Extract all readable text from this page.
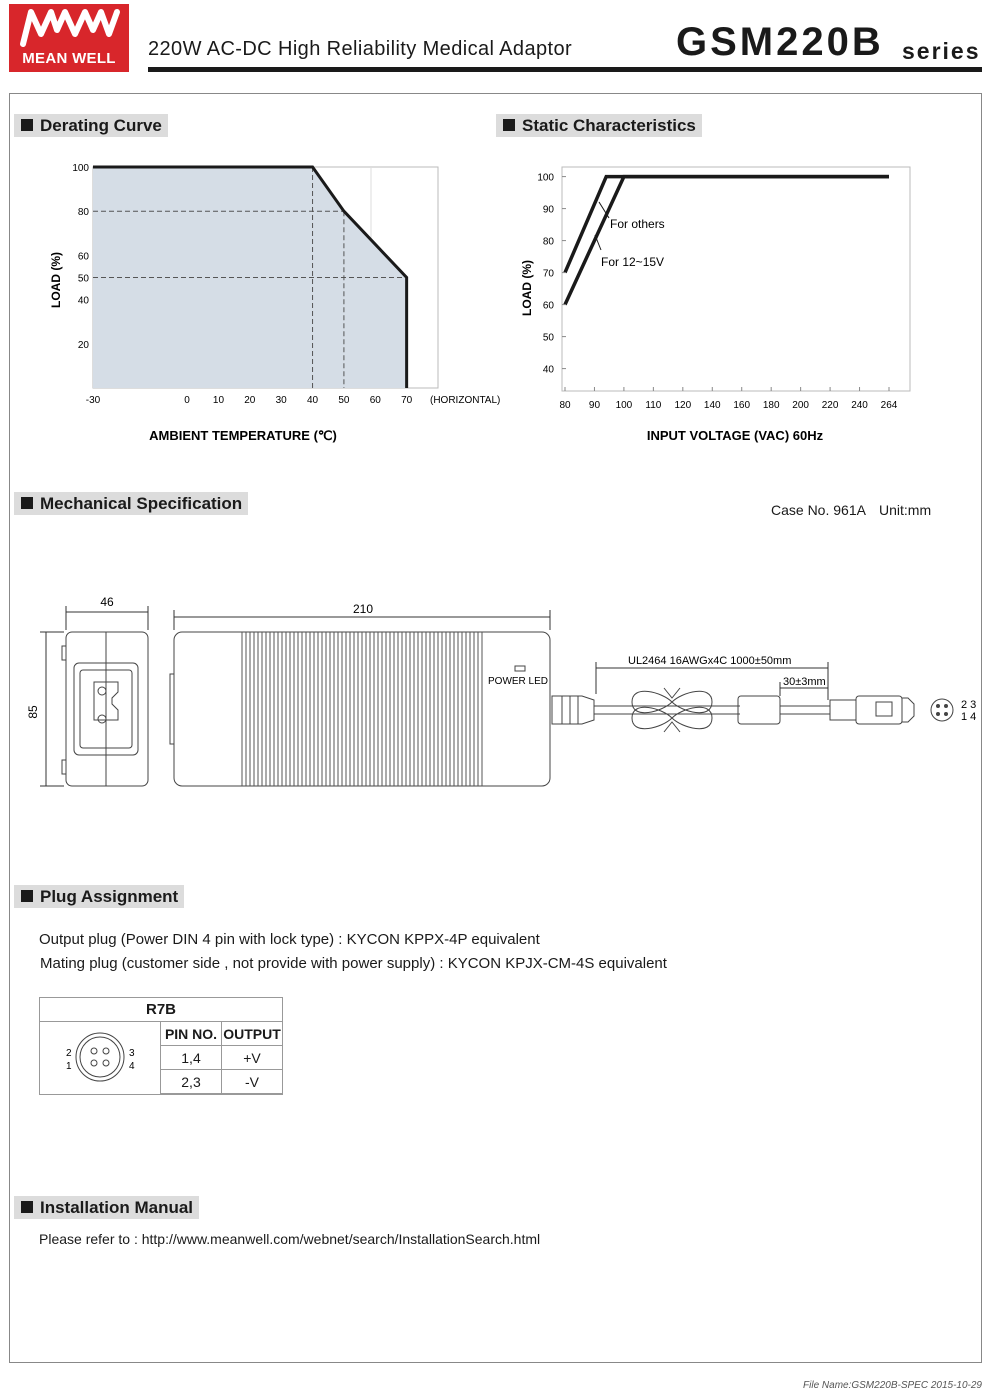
MEAN WELL	220W AC-DC High Reliability Medical Adaptor	GSM220B series
Derating Curve
-30	0 10 20 30 40 50 60 70
20
40
50
60
80
100
(HORIZONTAL)
LOAD (%)
AMBIENT TEMPERATURE (℃)
Static Characteristics
For others
For 12~15V
80 90 100 110 120 140 160 180 200 220 240 264
40
50
60
70
80
90
100
LOAD (%)
INPUT VOLTAGE (VAC) 60Hz
Mechanical Specification	Case No. 961A Unit:mm
46
85
210
POWER LED
2 3
1 4
UL2464 16AWGx4C 1000±50mm
30±3mm
Plug Assignment
Output plug (Power DIN 4 pin with lock type) : KYCON KPPX-4P equivalent
Mating plug (customer side , not provide with power supply) : KYCON KPJX-CM-4S equivalent
R7B
2
1
3
4
PIN NO.	OUTPUT
1,4	+V
2,3	-V
Installation Manual
Please refer to : http://www.meanwell.com/webnet/search/InstallationSearch.html
File Name:GSM220B-SPEC 2015-10-29
